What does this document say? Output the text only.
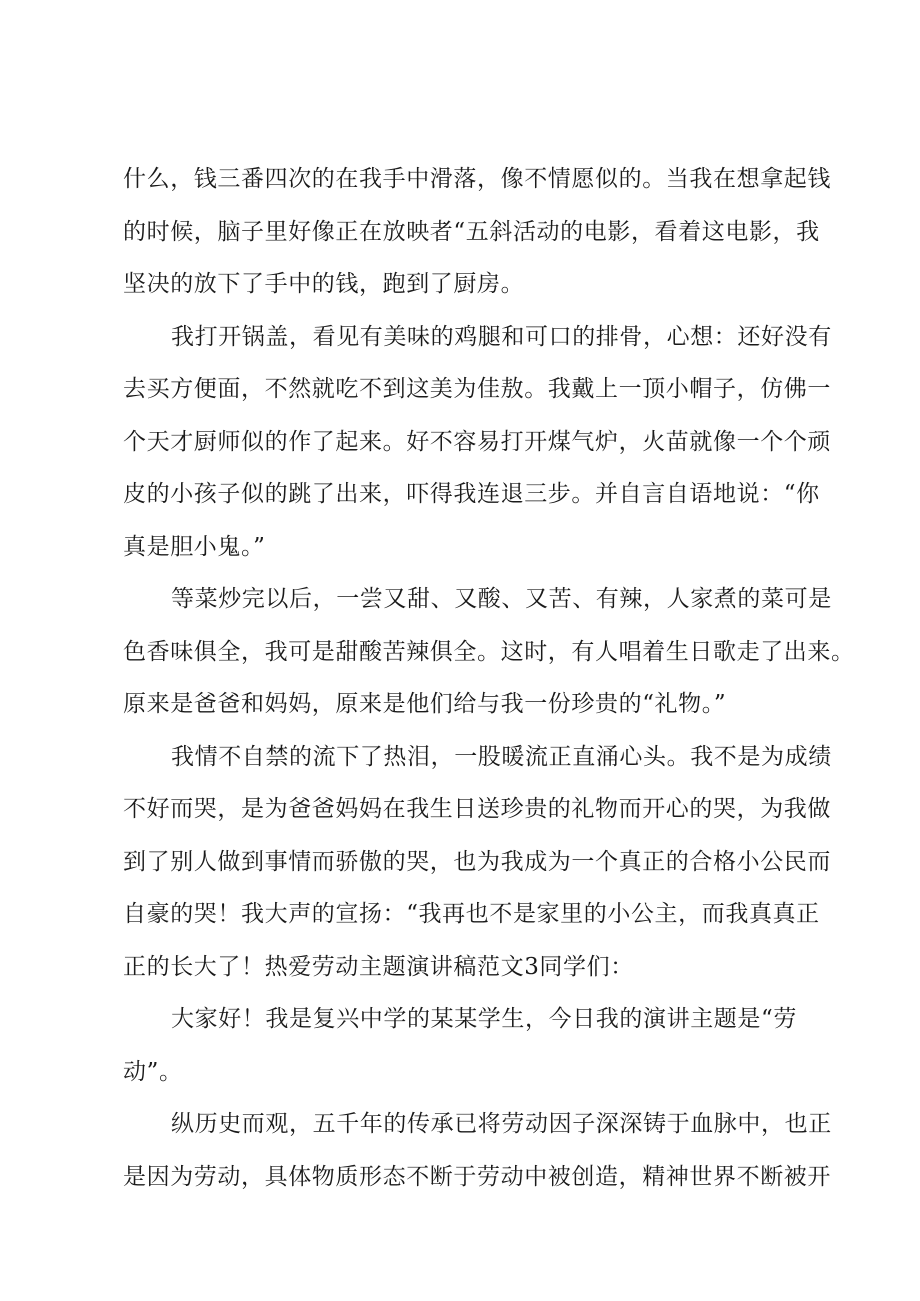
什么，钱三番四次的在我手中滑落，像不情愿似的。当我在想拿起钱
的时候，脑子里好像正在放映者“五斜活动的电影，看着这电影，我
坚决的放下了手中的钱，跑到了厨房。
我打开锅盖，看见有美味的鸡腿和可口的排骨，心想：还好没有
去买方便面，不然就吃不到这美为佳敖。我戴上一顶小帽子，仿佛一
个天才厨师似的作了起来。好不容易打开煤气炉，火苗就像一个个顽
皮的小孩子似的跳了出来，吓得我连退三步。并自言自语地说：“你
真是胆小鬼。”
等菜炒完以后，一尝又甜、又酸、又苦、有辣，人家煮的菜可是
色香味俱全，我可是甜酸苦辣俱全。这时，有人唱着生日歌走了出来。
原来是爸爸和妈妈，原来是他们给与我一份珍贵的“礼物。”
我情不自禁的流下了热泪，一股暖流正直涌心头。我不是为成绩
不好而哭，是为爸爸妈妈在我生日送珍贵的礼物而开心的哭，为我做
到了别人做到事情而骄傲的哭，也为我成为一个真正的合格小公民而
自豪的哭！我大声的宣扬：“我再也不是家里的小公主，而我真真正
正的长大了！热爱劳动主题演讲稿范文3同学们：
大家好！我是复兴中学的某某学生，今日我的演讲主题是“劳
动”。
纵历史而观，五千年的传承已将劳动因子深深铸于血脉中，也正
是因为劳动，具体物质形态不断于劳动中被创造，精神世界不断被开
